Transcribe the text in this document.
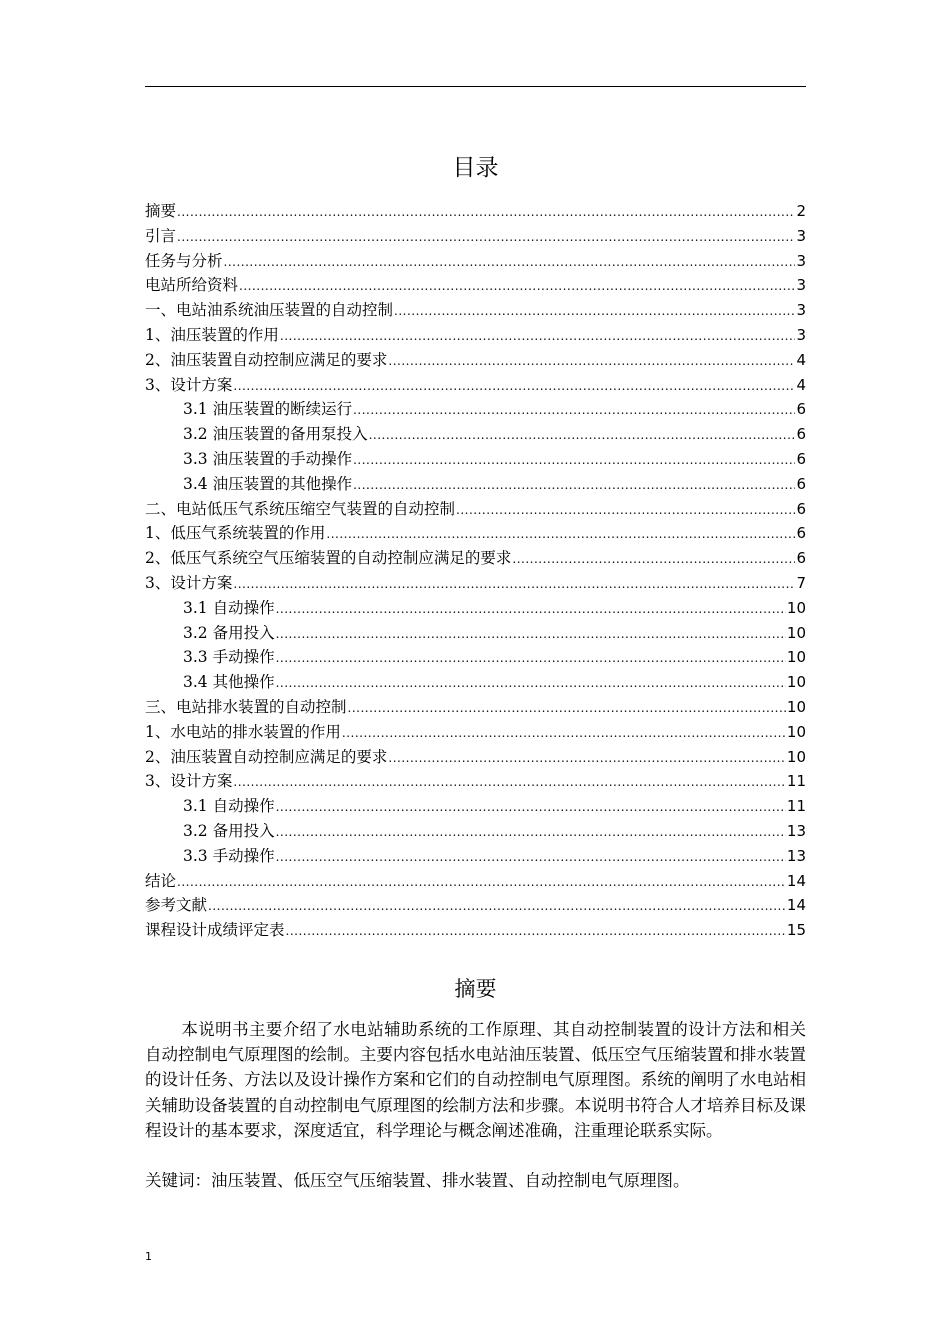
目录
摘要 .....	2
引言 .....	3
任务与分析 .....	3
电站所给资料 .....	3
一、电站油系统油压装置的自动控制 .....	3
1、油压装置的作用 .....	3
2、油压装置自动控制应满足的要求 .....	4
3、设计方案 .....	4
3.1 油压装置的断续运行 .....	6
3.2 油压装置的备用泵投入 .....	6
3.3 油压装置的手动操作 .....	6
3.4 油压装置的其他操作 .....	6
二、电站低压气系统压缩空气装置的自动控制 .....	6
1、低压气系统装置的作用 .....	6
2、低压气系统空气压缩装置的自动控制应满足的要求 .....	6
3、设计方案 .....	7
3.1 自动操作 .....	10
3.2 备用投入 .....	10
3.3 手动操作 .....	10
3.4 其他操作 .....	10
三、电站排水装置的自动控制 .....	10
1、水电站的排水装置的作用 .....	10
2、油压装置自动控制应满足的要求 .....	10
3、设计方案 .....	11
3.1 自动操作 .....	11
3.2 备用投入 .....	13
3.3 手动操作 .....	13
结论 .....	14
参考文献 .....	14
课程设计成绩评定表 .....	15
摘要

本说明书主要介绍了水电站辅助系统的工作原理、其自动控制装置的设计方法和相关自动控制电气原理图的绘制。主要内容包括水电站油压装置、低压空气压缩装置和排水装置的设计任务、方法以及设计操作方案和它们的自动控制电气原理图。系统的阐明了水电站相关辅助设备装置的自动控制电气原理图的绘制方法和步骤。本说明书符合人才培养目标及课程设计的基本要求，深度适宜，科学理论与概念阐述准确，注重理论联系实际。

关键词：油压装置、低压空气压缩装置、排水装置、自动控制电气原理图。

1
